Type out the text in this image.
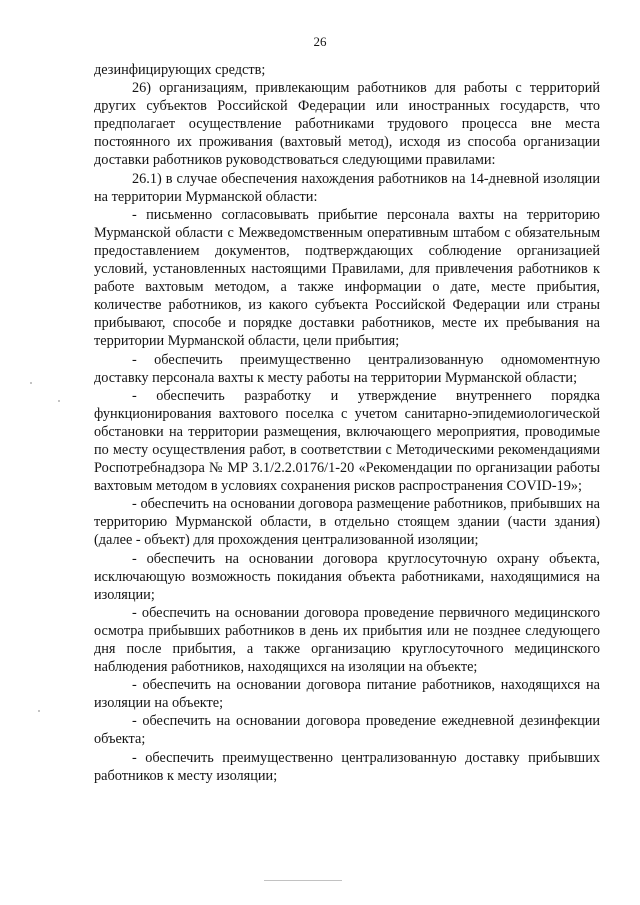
26

дезинфицирующих средств;

26) организациям, привлекающим работников для работы с территорий других субъектов Российской Федерации или иностранных государств, что предполагает осуществление работниками трудового процесса вне места постоянного их проживания (вахтовый метод), исходя из способа организации доставки работников руководствоваться следующими правилами:

26.1) в случае обеспечения нахождения работников на 14-дневной изоляции на территории Мурманской области:

- письменно согласовывать прибытие персонала вахты на территорию Мурманской области с Межведомственным оперативным штабом с обязательным предоставлением документов, подтверждающих соблюдение организацией условий, установленных настоящими Правилами, для привлечения работников к работе вахтовым методом, а также информации о дате, месте прибытия, количестве работников, из какого субъекта Российской Федерации или страны прибывают, способе и порядке доставки работников, месте их пребывания на территории Мурманской области, цели прибытия;

- обеспечить преимущественно централизованную одномоментную доставку персонала вахты к месту работы на территории Мурманской области;

- обеспечить разработку и утверждение внутреннего порядка функционирования вахтового поселка с учетом санитарно-эпидемиологической обстановки на территории размещения, включающего мероприятия, проводимые по месту осуществления работ, в соответствии с Методическими рекомендациями Роспотребнадзора № МР 3.1/2.2.0176/1-20 «Рекомендации по организации работы вахтовым методом в условиях сохранения рисков распространения COVID-19»;

- обеспечить на основании договора размещение работников, прибывших на территорию Мурманской области, в отдельно стоящем здании (части здания) (далее - объект) для прохождения централизованной изоляции;

- обеспечить на основании договора круглосуточную охрану объекта, исключающую возможность покидания объекта работниками, находящимися на изоляции;

- обеспечить на основании договора проведение первичного медицинского осмотра прибывших работников в день их прибытия или не позднее следующего дня после прибытия, а также организацию круглосуточного медицинского наблюдения работников, находящихся на изоляции на объекте;

- обеспечить на основании договора питание работников, находящихся на изоляции на объекте;

- обеспечить на основании договора проведение ежедневной дезинфекции объекта;

- обеспечить преимущественно централизованную доставку прибывших работников к месту изоляции;
